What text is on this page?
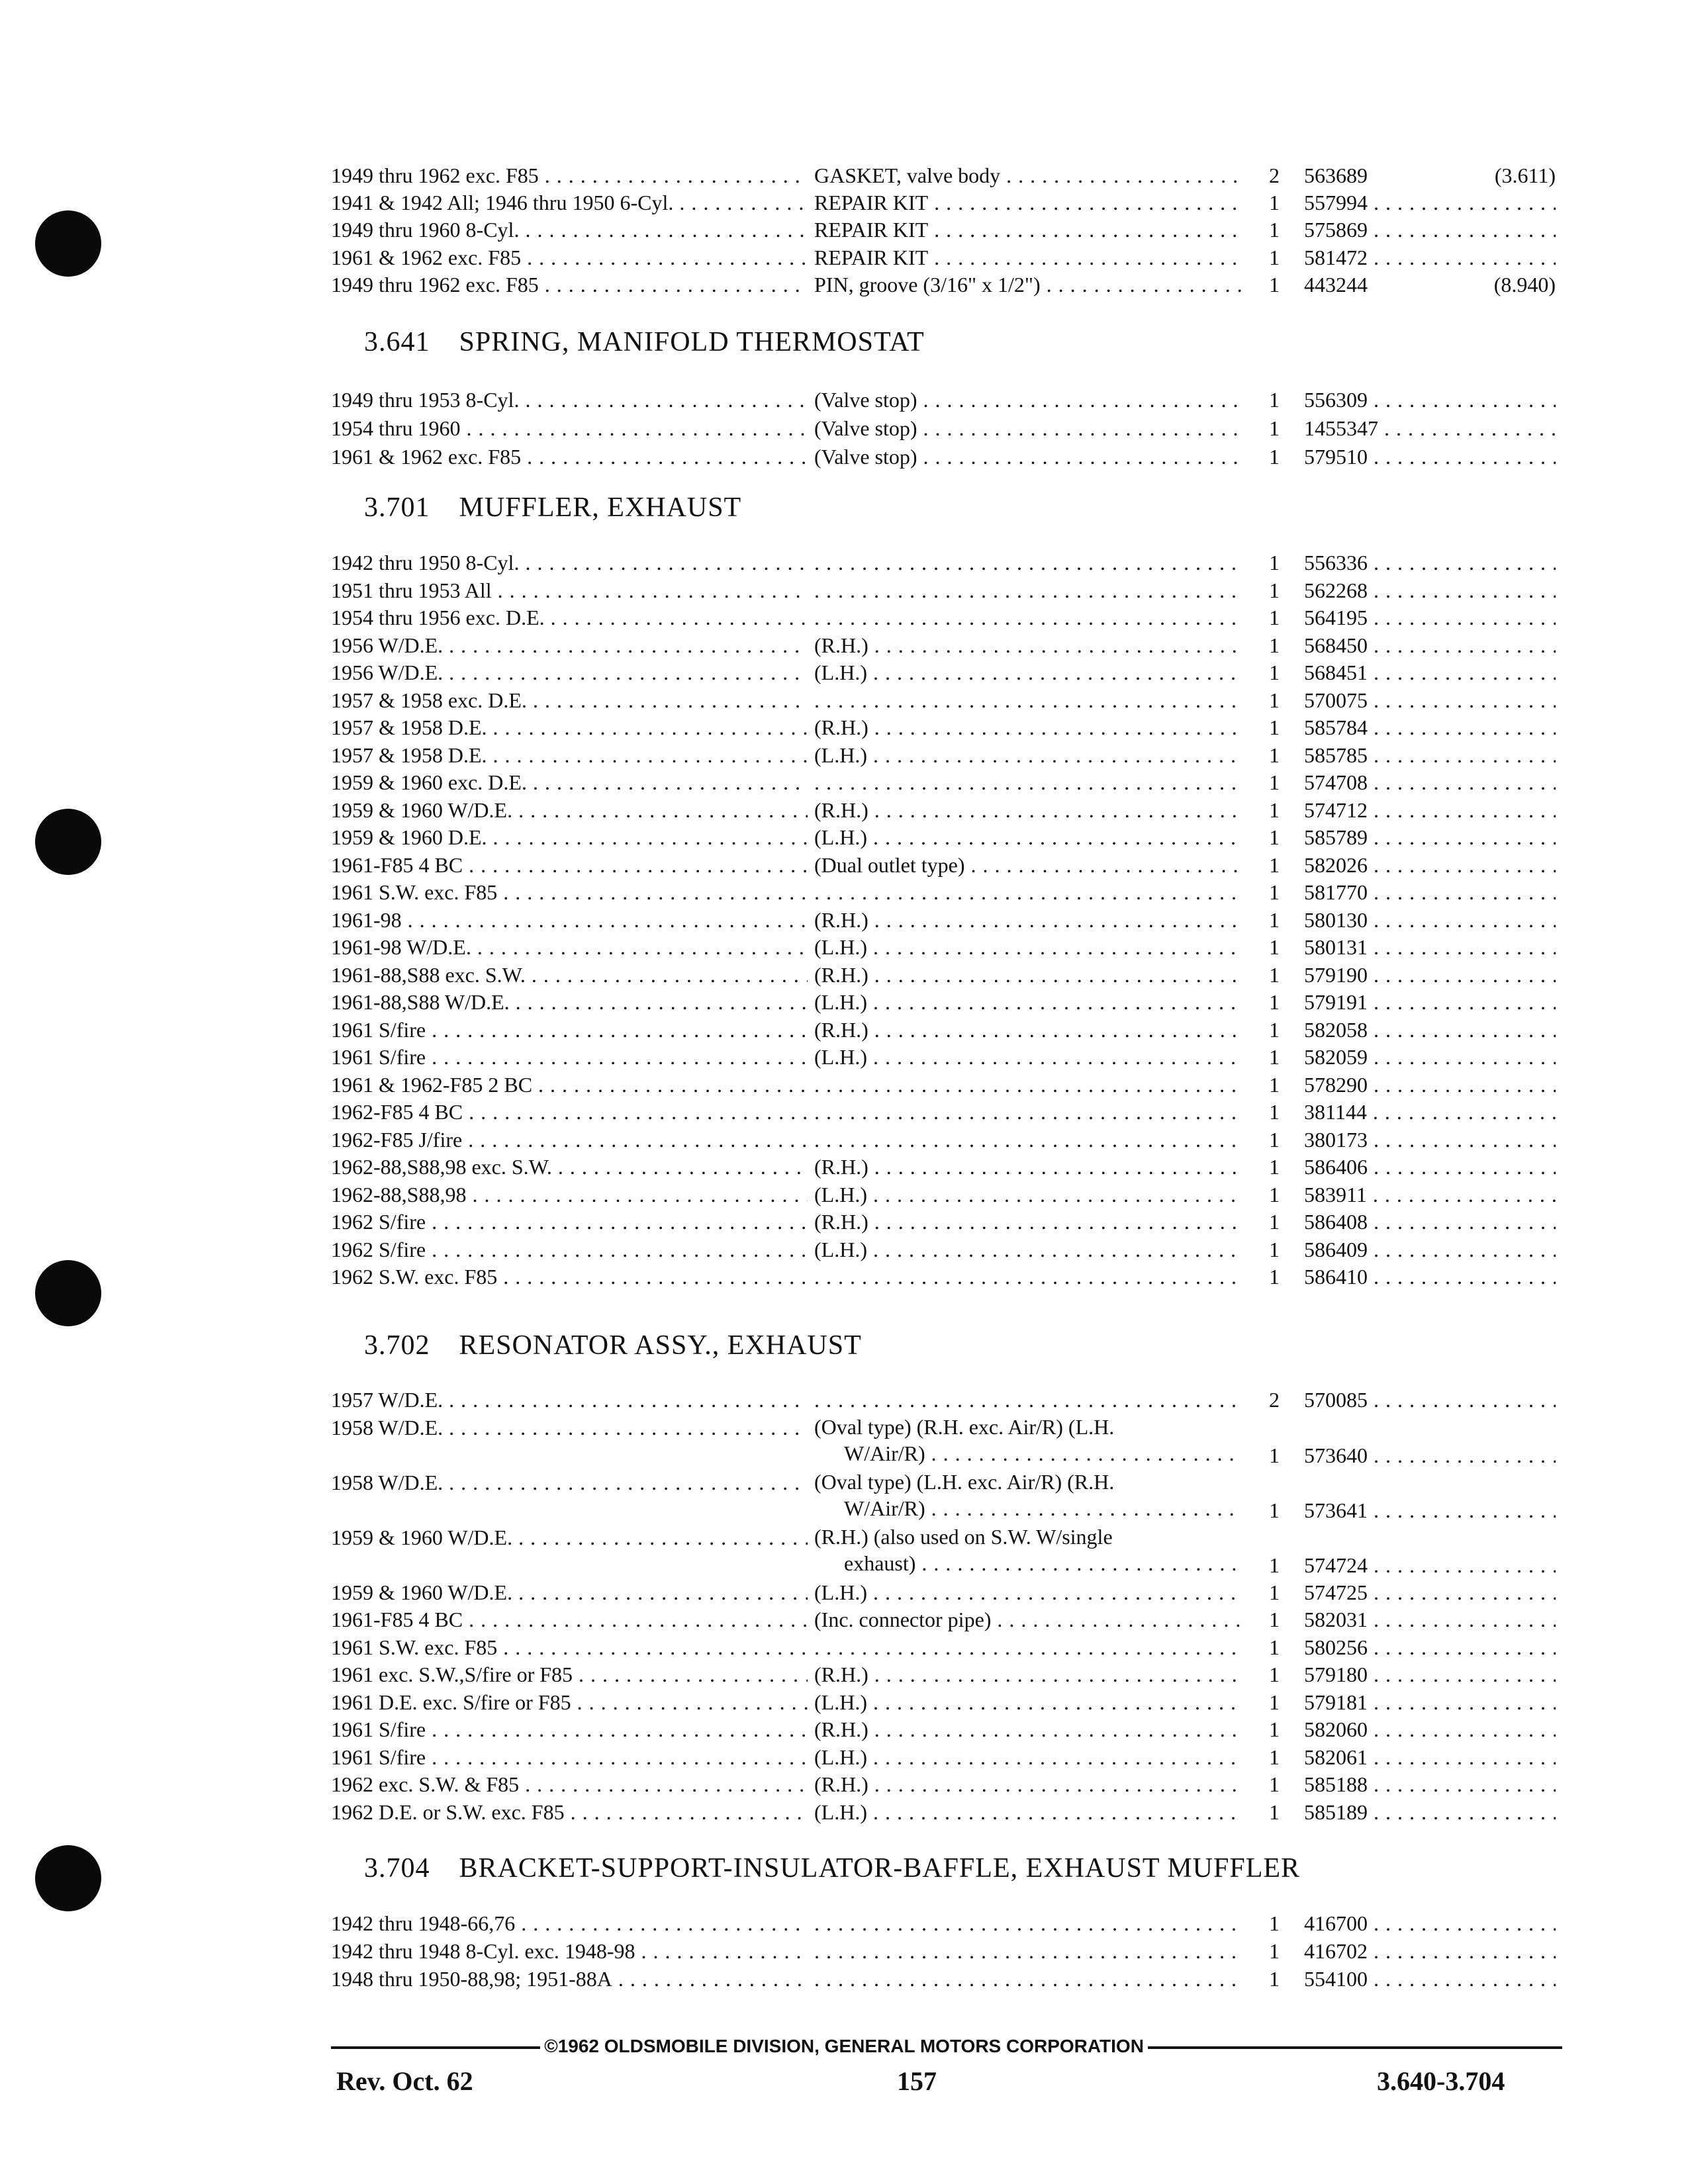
1949 thru 1962 exc. F85 . . .	GASKET, valve body . . .	2	563689	(3.611)
1941 & 1942 All; 1946 thru 1950 6-Cyl. . . .	REPAIR KIT . . .	1	557994 . . .
1949 thru 1960 8-Cyl. . . .	REPAIR KIT . . .	1	575869 . . .
1961 & 1962 exc. F85 . . .	REPAIR KIT . . .	1	581472 . . .
1949 thru 1962 exc. F85 . . .	PIN, groove (3/16" x 1/2") . . .	1	443244	(8.940)
3.641 SPRING, MANIFOLD THERMOSTAT
1949 thru 1953 8-Cyl. . . .	(Valve stop) . . .	1	556309 . . .
1954 thru 1960 . . .	(Valve stop) . . .	1	1455347 . . .
1961 & 1962 exc. F85 . . .	(Valve stop) . . .	1	579510 . . .
3.701 MUFFLER, EXHAUST
1942 thru 1950 8-Cyl. . . . . . .	1	556336 . . .
1951 thru 1953 All . . . . . .	1	562268 . . .
1954 thru 1956 exc. D.E. . . . . . .	1	564195 . . .
1956 W/D.E. . . .	(R.H.) . . .	1	568450 . . .
1956 W/D.E. . . .	(L.H.) . . .	1	568451 . . .
1957 & 1958 exc. D.E. . . . . . .	1	570075 . . .
1957 & 1958 D.E. . . .	(R.H.) . . .	1	585784 . . .
1957 & 1958 D.E. . . .	(L.H.) . . .	1	585785 . . .
1959 & 1960 exc. D.E. . . . . . .	1	574708 . . .
1959 & 1960 W/D.E. . . .	(R.H.) . . .	1	574712 . . .
1959 & 1960 D.E. . . .	(L.H.) . . .	1	585789 . . .
1961-F85 4 BC . . .	(Dual outlet type) . . .	1	582026 . . .
1961 S.W. exc. F85 . . . . . .	1	581770 . . .
1961-98 . . .	(R.H.) . . .	1	580130 . . .
1961-98 W/D.E. . . .	(L.H.) . . .	1	580131 . . .
1961-88,S88 exc. S.W. . . .	(R.H.) . . .	1	579190 . . .
1961-88,S88 W/D.E. . . .	(L.H.) . . .	1	579191 . . .
1961 S/fire . . .	(R.H.) . . .	1	582058 . . .
1961 S/fire . . .	(L.H.) . . .	1	582059 . . .
1961 & 1962-F85 2 BC . . . . . .	1	578290 . . .
1962-F85 4 BC . . . . . .	1	381144 . . .
1962-F85 J/fire . . . . . .	1	380173 . . .
1962-88,S88,98 exc. S.W. . . .	(R.H.) . . .	1	586406 . . .
1962-88,S88,98 . . .	(L.H.) . . .	1	583911 . . .
1962 S/fire . . .	(R.H.) . . .	1	586408 . . .
1962 S/fire . . .	(L.H.) . . .	1	586409 . . .
1962 S.W. exc. F85 . . . . . .	1	586410 . . .
3.702 RESONATOR ASSY., EXHAUST
1957 W/D.E. . . . . . .	2	570085 . . .
1958 W/D.E. . . .	(Oval type) (R.H. exc. Air/R) (L.H.
W/Air/R) . . .	1	573640 . . .
1958 W/D.E. . . .	(Oval type) (L.H. exc. Air/R) (R.H.
W/Air/R) . . .	1	573641 . . .
1959 & 1960 W/D.E. . . .	(R.H.) (also used on S.W. W/single
exhaust) . . .	1	574724 . . .
1959 & 1960 W/D.E. . . .	(L.H.) . . .	1	574725 . . .
1961-F85 4 BC . . .	(Inc. connector pipe) . . .	1	582031 . . .
1961 S.W. exc. F85 . . . . . .	1	580256 . . .
1961 exc. S.W.,S/fire or F85 . . .	(R.H.) . . .	1	579180 . . .
1961 D.E. exc. S/fire or F85 . . .	(L.H.) . . .	1	579181 . . .
1961 S/fire . . .	(R.H.) . . .	1	582060 . . .
1961 S/fire . . .	(L.H.) . . .	1	582061 . . .
1962 exc. S.W. & F85 . . .	(R.H.) . . .	1	585188 . . .
1962 D.E. or S.W. exc. F85 . . .	(L.H.) . . .	1	585189 . . .
3.704 BRACKET-SUPPORT-INSULATOR-BAFFLE, EXHAUST MUFFLER
1942 thru 1948-66,76 . . . . . .	1	416700 . . .
1942 thru 1948 8-Cyl. exc. 1948-98 . . . . . .	1	416702 . . .
1948 thru 1950-88,98; 1951-88A . . . . . .	1	554100 . . .
©1962 OLDSMOBILE DIVISION, GENERAL MOTORS CORPORATION
Rev. Oct. 62	157	3.640-3.704
